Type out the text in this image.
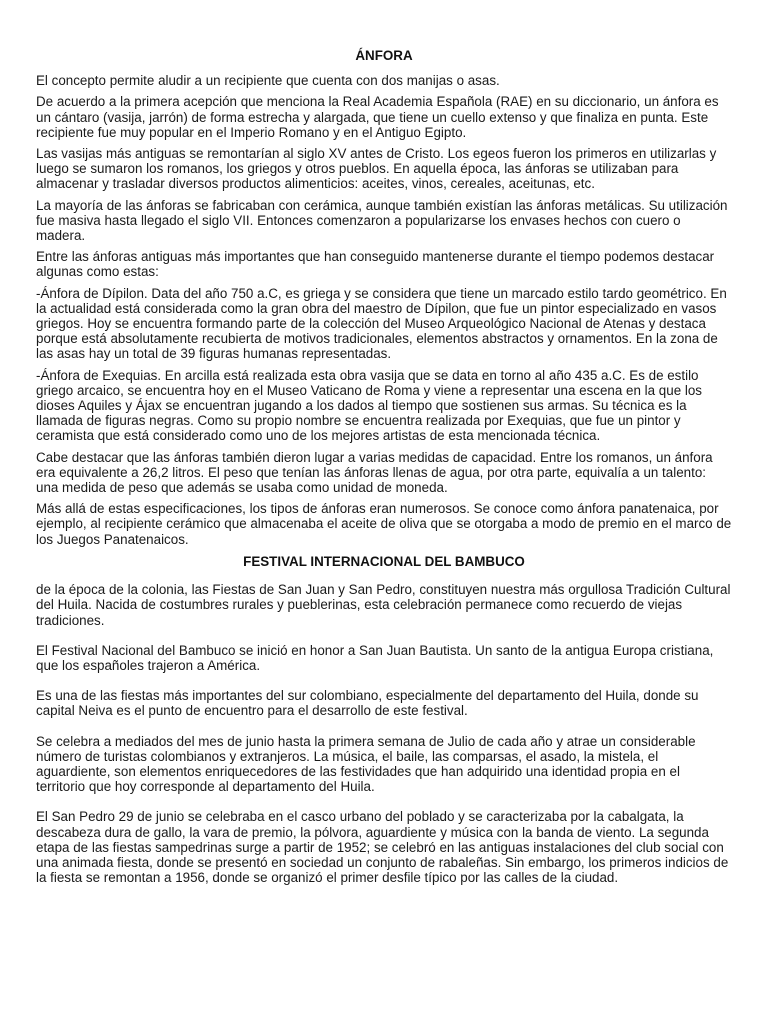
ÁNFORA

El concepto permite aludir a un recipiente que cuenta con dos manijas o asas.

De acuerdo a la primera acepción que menciona la Real Academia Española (RAE) en su diccionario, un ánfora es un cántaro (vasija, jarrón) de forma estrecha y alargada, que tiene un cuello extenso y que finaliza en punta. Este recipiente fue muy popular en el Imperio Romano y en el Antiguo Egipto.

Las vasijas más antiguas se remontarían al siglo XV antes de Cristo. Los egeos fueron los primeros en utilizarlas y luego se sumaron los romanos, los griegos y otros pueblos. En aquella época, las ánforas se utilizaban para almacenar y trasladar diversos productos alimenticios: aceites, vinos, cereales, aceitunas, etc.

La mayoría de las ánforas se fabricaban con cerámica, aunque también existían las ánforas metálicas. Su utilización fue masiva hasta llegado el siglo VII. Entonces comenzaron a popularizarse los envases hechos con cuero o madera.

Entre las ánforas antiguas más importantes que han conseguido mantenerse durante el tiempo podemos destacar algunas como estas:

-Ánfora de Dípilon. Data del año 750 a.C, es griega y se considera que tiene un marcado estilo tardo geométrico. En la actualidad está considerada como la gran obra del maestro de Dípilon, que fue un pintor especializado en vasos griegos. Hoy se encuentra formando parte de la colección del Museo Arqueológico Nacional de Atenas y destaca porque está absolutamente recubierta de motivos tradicionales, elementos abstractos y ornamentos. En la zona de las asas hay un total de 39 figuras humanas representadas.

-Ánfora de Exequias. En arcilla está realizada esta obra vasija que se data en torno al año 435 a.C. Es de estilo griego arcaico, se encuentra hoy en el Museo Vaticano de Roma y viene a representar una escena en la que los dioses Aquiles y Ájax se encuentran jugando a los dados al tiempo que sostienen sus armas. Su técnica es la llamada de figuras negras. Como su propio nombre se encuentra realizada por Exequias, que fue un pintor y ceramista que está considerado como uno de los mejores artistas de esta mencionada técnica.

Cabe destacar que las ánforas también dieron lugar a varias medidas de capacidad. Entre los romanos, un ánfora era equivalente a 26,2 litros. El peso que tenían las ánforas llenas de agua, por otra parte, equivalía a un talento: una medida de peso que además se usaba como unidad de moneda.

Más allá de estas especificaciones, los tipos de ánforas eran numerosos. Se conoce como ánfora panatenaica, por ejemplo, al recipiente cerámico que almacenaba el aceite de oliva que se otorgaba a modo de premio en el marco de los Juegos Panatenaicos.

FESTIVAL INTERNACIONAL DEL BAMBUCO

de la época de la colonia, las Fiestas de San Juan y San Pedro, constituyen nuestra más orgullosa Tradición Cultural del Huila. Nacida de costumbres rurales y pueblerinas, esta celebración permanece como recuerdo de viejas tradiciones.

El Festival Nacional del Bambuco se inició en honor a San Juan Bautista. Un santo de la antigua Europa cristiana, que los españoles trajeron a América.

Es una de las fiestas más importantes del sur colombiano, especialmente del departamento del Huila, donde su capital Neiva es el punto de encuentro para el desarrollo de este festival.

Se celebra a mediados del mes de junio hasta la primera semana de Julio de cada año y atrae un considerable número de turistas colombianos y extranjeros. La música, el baile, las comparsas, el asado, la mistela, el aguardiente, son elementos enriquecedores de las festividades que han adquirido una identidad propia en el territorio que hoy corresponde al departamento del Huila.

El San Pedro 29 de junio se celebraba en el casco urbano del poblado y se caracterizaba por la cabalgata, la descabeza dura de gallo, la vara de premio, la pólvora, aguardiente y música con la banda de viento. La segunda etapa de las fiestas sampedrinas surge a partir de 1952; se celebró en las antiguas instalaciones del club social con una animada fiesta, donde se presentó en sociedad un conjunto de rabaleñas. Sin embargo, los primeros indicios de la fiesta se remontan a 1956, donde se organizó el primer desfile típico por las calles de la ciudad.
